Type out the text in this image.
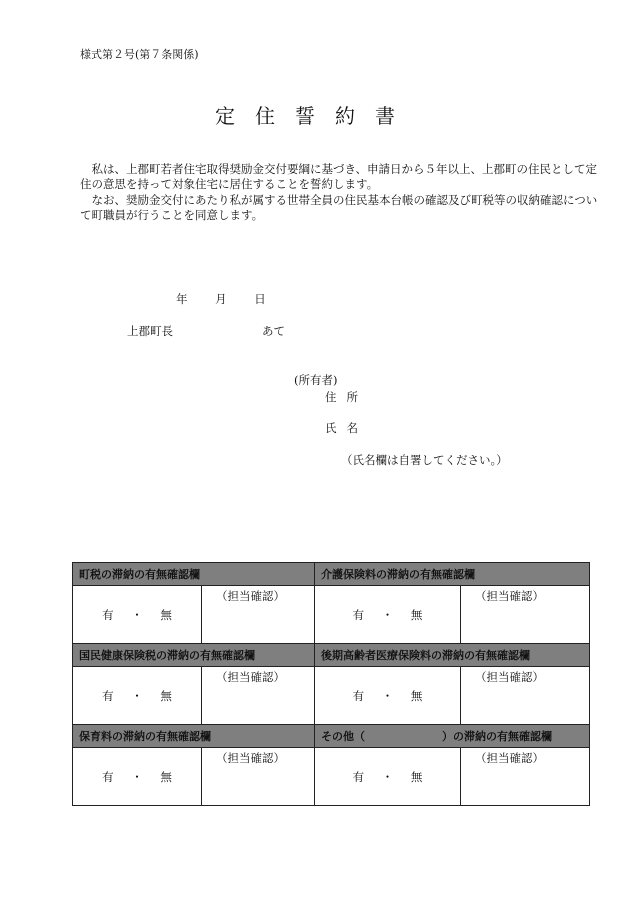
様式第２号(第７条関係)
定住誓約書
私は、上郡町若者住宅取得奨励金交付要綱に基づき、申請日から５年以上、上郡町の住民として定住の意思を持って対象住宅に居住することを誓約します。
なお、奨励金交付にあたり私が属する世帯全員の住民基本台帳の確認及び町税等の収納確認について町職員が行うことを同意します。
年 月 日
上郡町長	あて
(所有者)
住所
氏名
（氏名欄は自署してください。）
町税の滞納の有無確認欄		介護保険料の滞納の有無確認欄	
有 ・ 無	（担当確認）	有 ・ 無	（担当確認）
国民健康保険税の滞納の有無確認欄		後期高齢者医療保険料の滞納の有無確認欄	
有 ・ 無	（担当確認）	有 ・ 無	（担当確認）
保育料の滞納の有無確認欄		その他（　　　　　　　）の滞納の有無確認欄	
有 ・ 無	（担当確認）	有 ・ 無	（担当確認）
